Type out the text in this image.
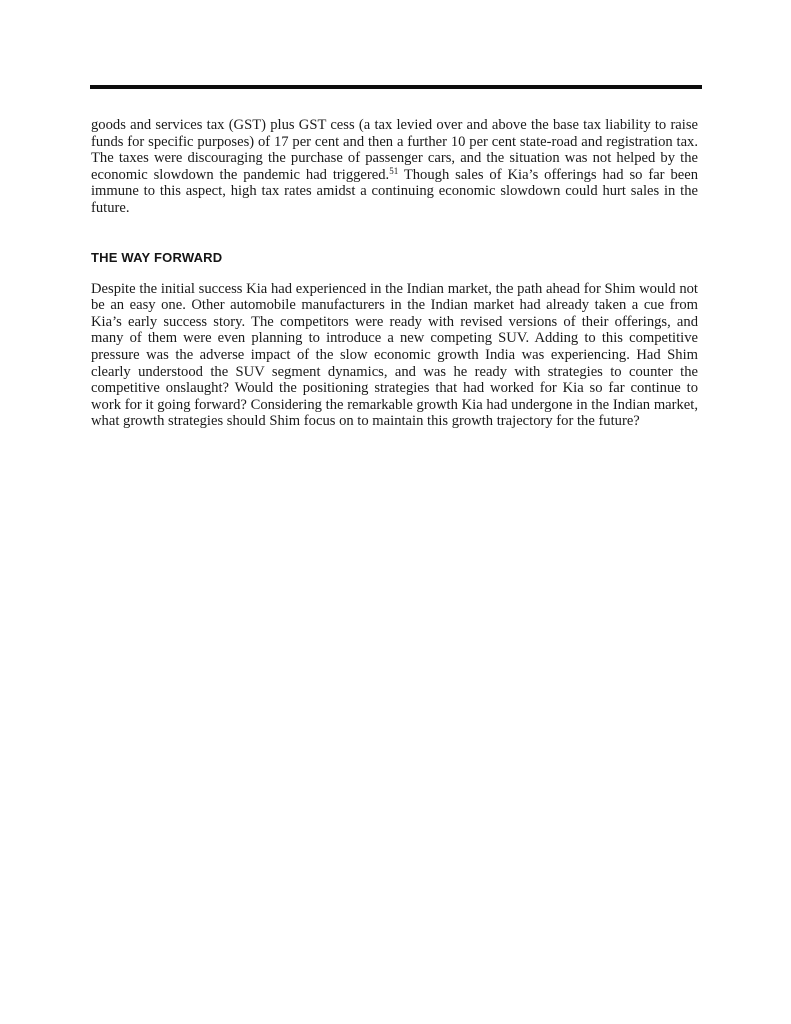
goods and services tax (GST) plus GST cess (a tax levied over and above the base tax liability to raise funds for specific purposes) of 17 per cent and then a further 10 per cent state-road and registration tax. The taxes were discouraging the purchase of passenger cars, and the situation was not helped by the economic slowdown the pandemic had triggered.$^{51}$ Though sales of Kia’s offerings had so far been immune to this aspect, high tax rates amidst a continuing economic slowdown could hurt sales in the future.

THE WAY FORWARD

Despite the initial success Kia had experienced in the Indian market, the path ahead for Shim would not be an easy one. Other automobile manufacturers in the Indian market had already taken a cue from Kia’s early success story. The competitors were ready with revised versions of their offerings, and many of them were even planning to introduce a new competing SUV. Adding to this competitive pressure was the adverse impact of the slow economic growth India was experiencing. Had Shim clearly understood the SUV segment dynamics, and was he ready with strategies to counter the competitive onslaught? Would the positioning strategies that had worked for Kia so far continue to work for it going forward? Considering the remarkable growth Kia had undergone in the Indian market, what growth strategies should Shim focus on to maintain this growth trajectory for the future?
